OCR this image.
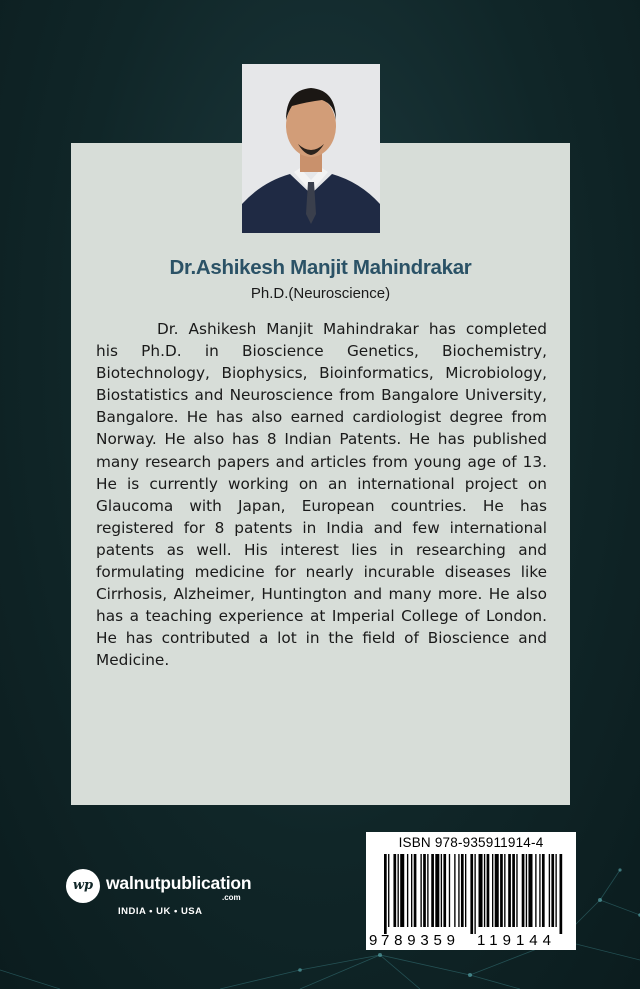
Dr.Ashikesh Manjit Mahindrakar
Ph.D.(Neuroscience)

Dr. Ashikesh Manjit Mahindrakar has completed his Ph.D. in Bioscience Genetics, Biochemistry, Biotechnology, Biophysics, Bioinformatics, Microbiology, Biostatistics and Neuroscience from Bangalore University, Bangalore. He has also earned cardiologist degree from Norway. He also has 8 Indian Patents. He has published many research papers and articles from young age of 13. He is currently working on an international project on Glaucoma with Japan, European countries. He has registered for 8 patents in India and few international patents as well. His interest lies in researching and formulating medicine for nearly incurable diseases like Cirrhosis, Alzheimer, Huntington and many more. He also has a teaching experience at Imperial College of London. He has contributed a lot in the field of Bioscience and Medicine.

wp walnutpublication
.com
INDIA • UK • USA
ISBN 978-935911914-4
9 789359 119144
